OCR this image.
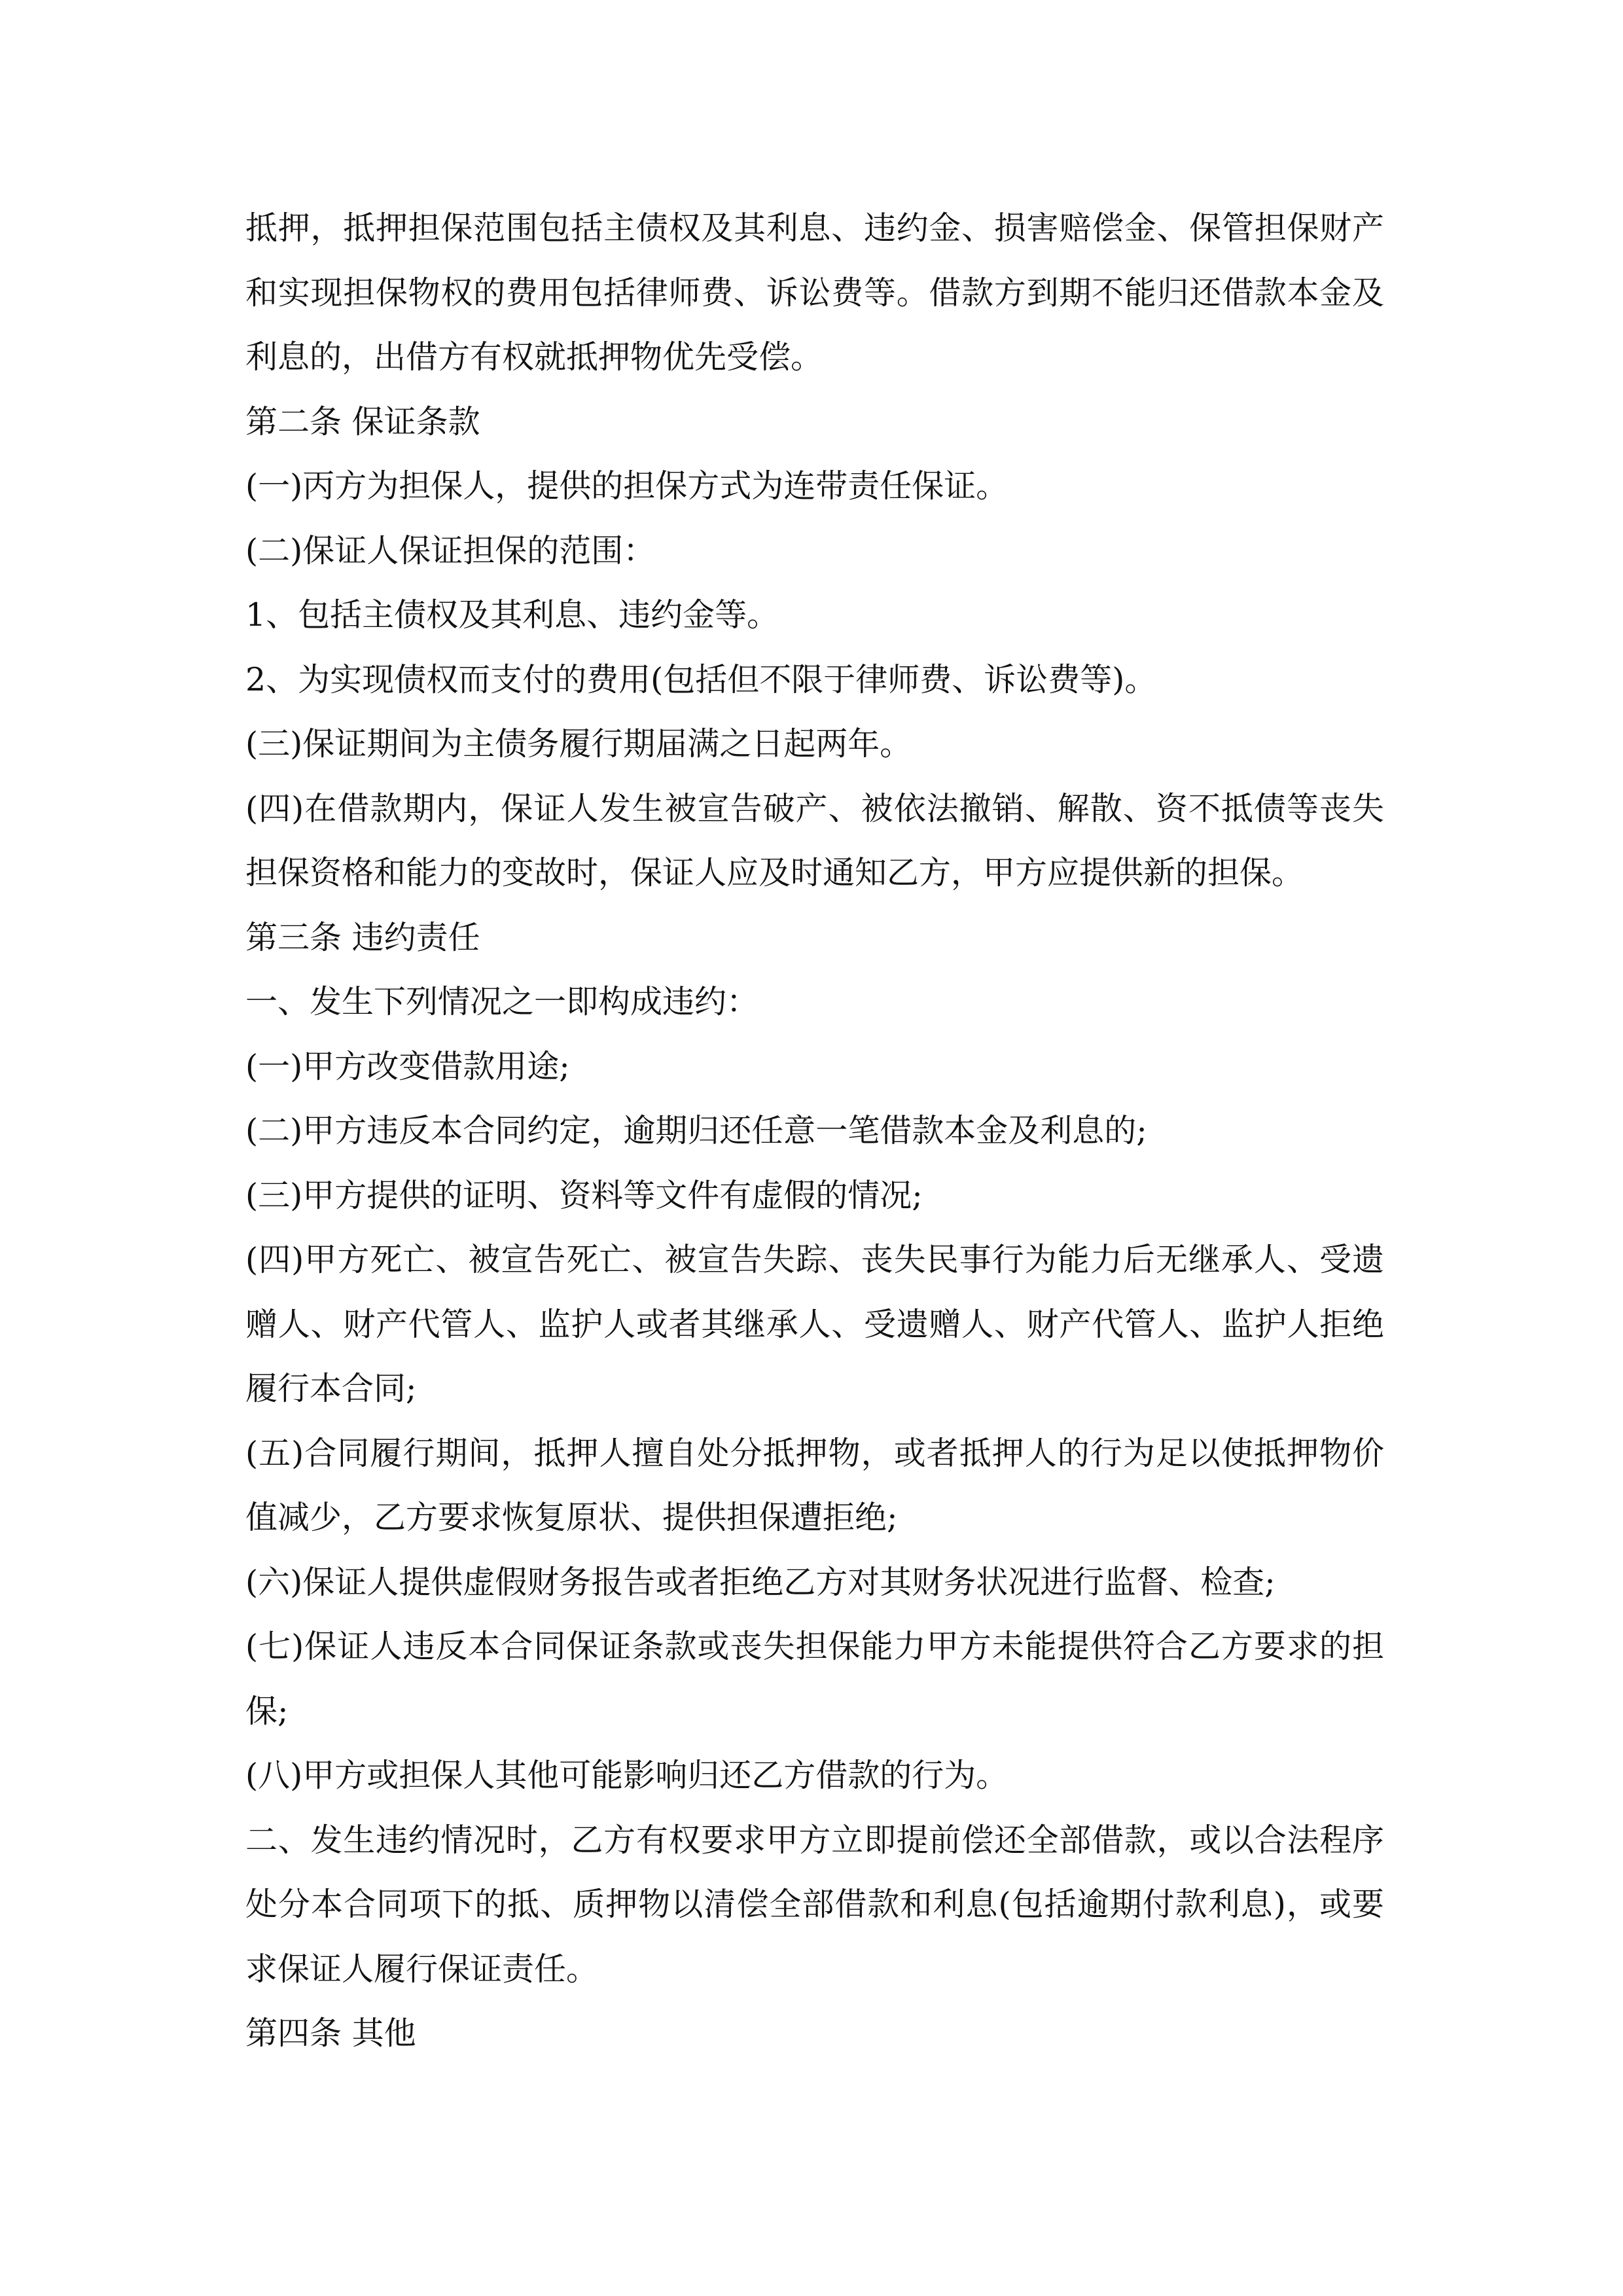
抵押，抵押担保范围包括主债权及其利息、违约金、损害赔偿金、保管担保财产和实现担保物权的费用包括律师费、诉讼费等。借款方到期不能归还借款本金及利息的，出借方有权就抵押物优先受偿。

第二条 保证条款

(一)丙方为担保人，提供的担保方式为连带责任保证。

(二)保证人保证担保的范围：

1、包括主债权及其利息、违约金等。

2、为实现债权而支付的费用(包括但不限于律师费、诉讼费等)。

(三)保证期间为主债务履行期届满之日起两年。

(四)在借款期内，保证人发生被宣告破产、被依法撤销、解散、资不抵债等丧失担保资格和能力的变故时，保证人应及时通知乙方，甲方应提供新的担保。

第三条 违约责任

一、发生下列情况之一即构成违约：

(一)甲方改变借款用途;

(二)甲方违反本合同约定，逾期归还任意一笔借款本金及利息的;

(三)甲方提供的证明、资料等文件有虚假的情况;

(四)甲方死亡、被宣告死亡、被宣告失踪、丧失民事行为能力后无继承人、受遗赠人、财产代管人、监护人或者其继承人、受遗赠人、财产代管人、监护人拒绝履行本合同;

(五)合同履行期间，抵押人擅自处分抵押物，或者抵押人的行为足以使抵押物价值减少，乙方要求恢复原状、提供担保遭拒绝;

(六)保证人提供虚假财务报告或者拒绝乙方对其财务状况进行监督、检查;

(七)保证人违反本合同保证条款或丧失担保能力甲方未能提供符合乙方要求的担保;

(八)甲方或担保人其他可能影响归还乙方借款的行为。

二、发生违约情况时，乙方有权要求甲方立即提前偿还全部借款，或以合法程序处分本合同项下的抵、质押物以清偿全部借款和利息(包括逾期付款利息)，或要求保证人履行保证责任。

第四条 其他
